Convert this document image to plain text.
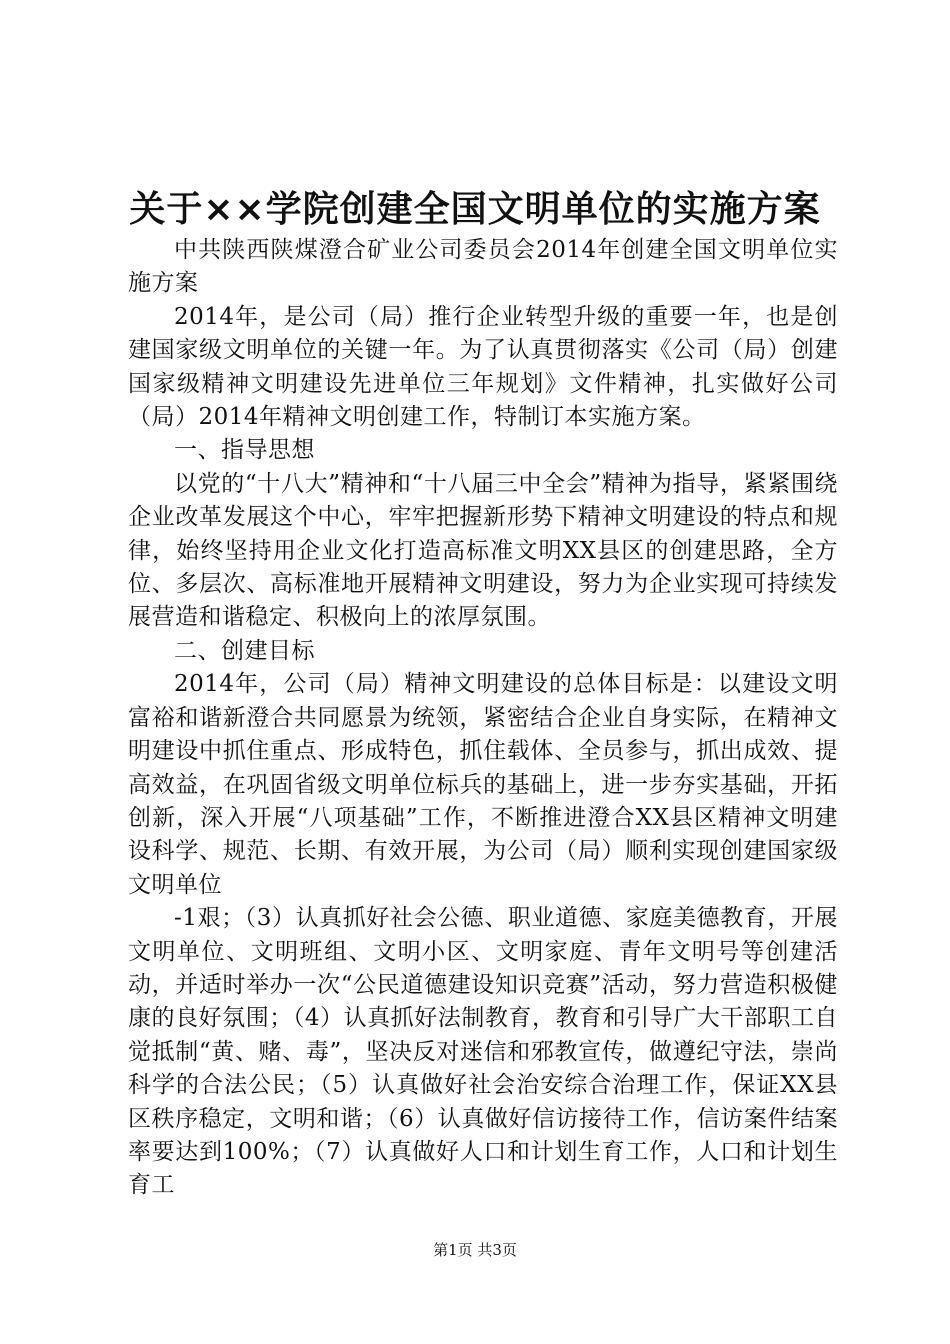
关于××学院创建全国文明单位的实施方案

中共陕西陕煤澄合矿业公司委员会2014年创建全国文明单位实施方案

2014年，是公司（局）推行企业转型升级的重要一年，也是创建国家级文明单位的关键一年。为了认真贯彻落实《公司（局）创建国家级精神文明建设先进单位三年规划》文件精神，扎实做好公司（局）2014年精神文明创建工作，特制订本实施方案。

一、指导思想

以党的“十八大”精神和“十八届三中全会”精神为指导，紧紧围绕企业改革发展这个中心，牢牢把握新形势下精神文明建设的特点和规律，始终坚持用企业文化打造高标准文明XX县区的创建思路，全方位、多层次、高标准地开展精神文明建设，努力为企业实现可持续发展营造和谐稳定、积极向上的浓厚氛围。

二、创建目标

2014年，公司（局）精神文明建设的总体目标是：以建设文明富裕和谐新澄合共同愿景为统领，紧密结合企业自身实际，在精神文明建设中抓住重点、形成特色，抓住载体、全员参与，抓出成效、提高效益，在巩固省级文明单位标兵的基础上，进一步夯实基础，开拓创新，深入开展“八项基础”工作，不断推进澄合XX县区精神文明建设科学、规范、长期、有效开展，为公司（局）顺利实现创建国家级文明单位

-1艰；（3）认真抓好社会公德、职业道德、家庭美德教育，开展文明单位、文明班组、文明小区、文明家庭、青年文明号等创建活动，并适时举办一次“公民道德建设知识竞赛”活动，努力营造积极健康的良好氛围；（4）认真抓好法制教育，教育和引导广大干部职工自觉抵制“黄、赌、毒”，坚决反对迷信和邪教宣传，做遵纪守法，崇尚科学的合法公民；（5）认真做好社会治安综合治理工作，保证XX县区秩序稳定，文明和谐；（6）认真做好信访接待工作，信访案件结案率要达到100%；（7）认真做好人口和计划生育工作，人口和计划生育工

第1页 共3页
